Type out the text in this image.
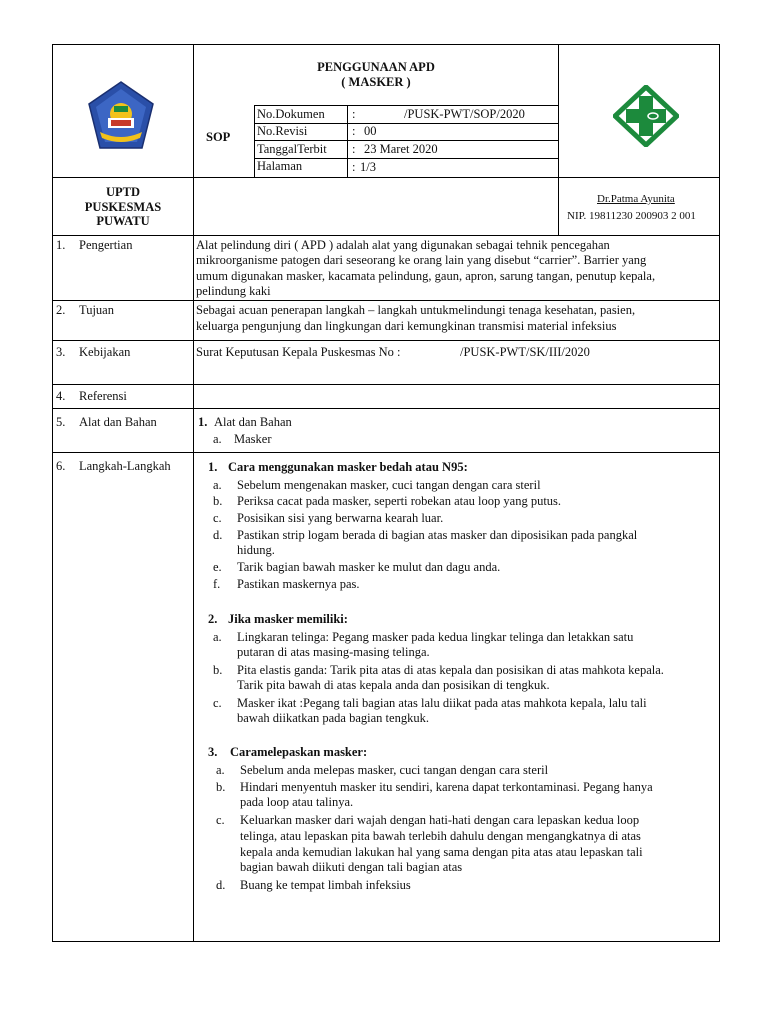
PENGGUNAAN APD
( MASKER )
SOP
No.Dokumen :	/PUSK-PWT/SOP/2020
No.Revisi	: 00
TanggalTerbit : 23 Maret 2020
Halaman	: 1/3
UPTD
PUSKESMAS
PUWATU
Dr.Patma Ayunita
NIP. 19811230 200903 2 001
1. Pengertian	Alat pelindung diri ( APD ) adalah alat yang digunakan sebagai tehnik pencegahan
mikroorganisme patogen dari seseorang ke orang lain yang disebut “carrier”. Barrier yang
umum digunakan masker, kacamata pelindung, gaun, apron, sarung tangan, penutup kepala,
pelindung kaki
2. Tujuan	Sebagai acuan penerapan langkah – langkah untukmelindungi tenaga kesehatan, pasien,
keluarga pengunjung dan lingkungan dari kemungkinan transmisi material infeksius
3. Kebijakan	Surat Keputusan Kepala Puskesmas No :	/PUSK-PWT/SK/III/2020
4. Referensi
5. Alat dan Bahan	1. Alat dan Bahan
a. Masker
6. Langkah-Langkah	1. Cara menggunakan masker bedah atau N95:
a. Sebelum mengenakan masker, cuci tangan dengan cara steril
b. Periksa cacat pada masker, seperti robekan atau loop yang putus.
c. Posisikan sisi yang berwarna kearah luar.
d. Pastikan strip logam berada di bagian atas masker dan diposisikan pada pangkal
hidung.
e. Tarik bagian bawah masker ke mulut dan dagu anda.
f. Pastikan maskernya pas.
2. Jika masker memiliki:
a. Lingkaran telinga: Pegang masker pada kedua lingkar telinga dan letakkan satu
putaran di atas masing-masing telinga.
b. Pita elastis ganda: Tarik pita atas di atas kepala dan posisikan di atas mahkota kepala.
Tarik pita bawah di atas kepala anda dan posisikan di tengkuk.
c. Masker ikat :Pegang tali bagian atas lalu diikat pada atas mahkota kepala, lalu tali
bawah diikatkan pada bagian tengkuk.
3. Caramelepaskan masker:
a. Sebelum anda melepas masker, cuci tangan dengan cara steril
b. Hindari menyentuh masker itu sendiri, karena dapat terkontaminasi. Pegang hanya
pada loop atau talinya.
c. Keluarkan masker dari wajah dengan hati-hati dengan cara lepaskan kedua loop
telinga, atau lepaskan pita bawah terlebih dahulu dengan mengangkatnya di atas
kepala anda kemudian lakukan hal yang sama dengan pita atas atau lepaskan tali
bagian bawah diikuti dengan tali bagian atas
d. Buang ke tempat limbah infeksius
